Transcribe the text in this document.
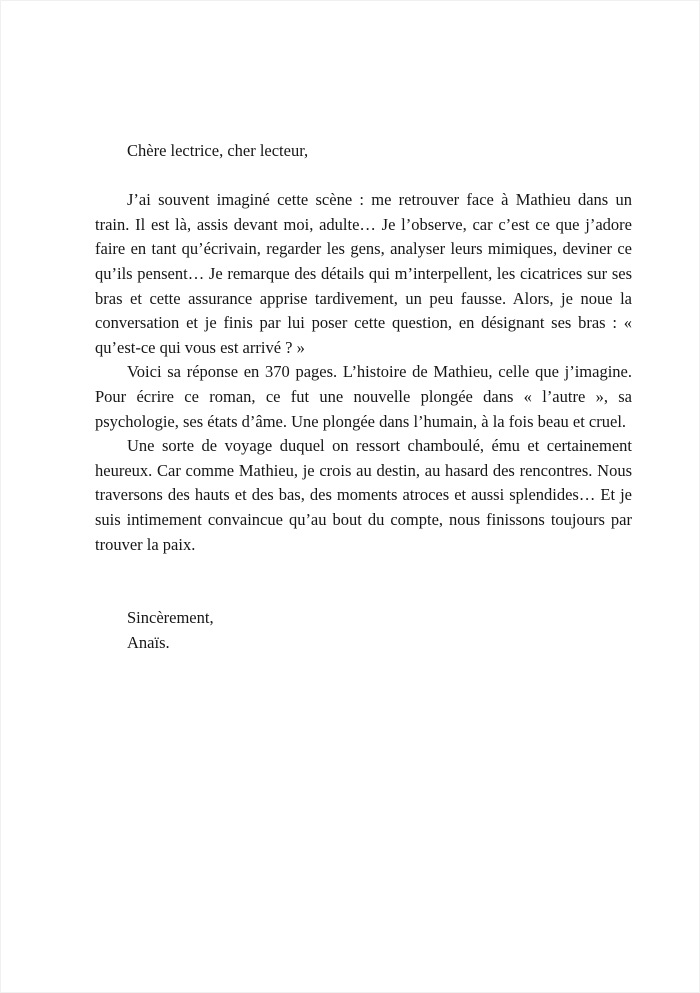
Chère lectrice, cher lecteur,

J’ai souvent imaginé cette scène : me retrouver face à Mathieu dans un train. Il est là, assis devant moi, adulte… Je l’observe, car c’est ce que j’adore faire en tant qu’écrivain, regarder les gens, analyser leurs mimiques, deviner ce qu’ils pensent… Je remarque des détails qui m’interpellent, les cicatrices sur ses bras et cette assurance apprise tardivement, un peu fausse. Alors, je noue la conversation et je finis par lui poser cette question, en désignant ses bras : « qu’est-ce qui vous est arrivé ? »

Voici sa réponse en 370 pages. L’histoire de Mathieu, celle que j’imagine. Pour écrire ce roman, ce fut une nouvelle plongée dans « l’autre », sa psychologie, ses états d’âme. Une plongée dans l’humain, à la fois beau et cruel.

Une sorte de voyage duquel on ressort chamboulé, ému et certainement heureux. Car comme Mathieu, je crois au destin, au hasard des rencontres. Nous traversons des hauts et des bas, des moments atroces et aussi splendides… Et je suis intimement convaincue qu’au bout du compte, nous finissons toujours par trouver la paix.

Sincèrement,

Anaïs.
